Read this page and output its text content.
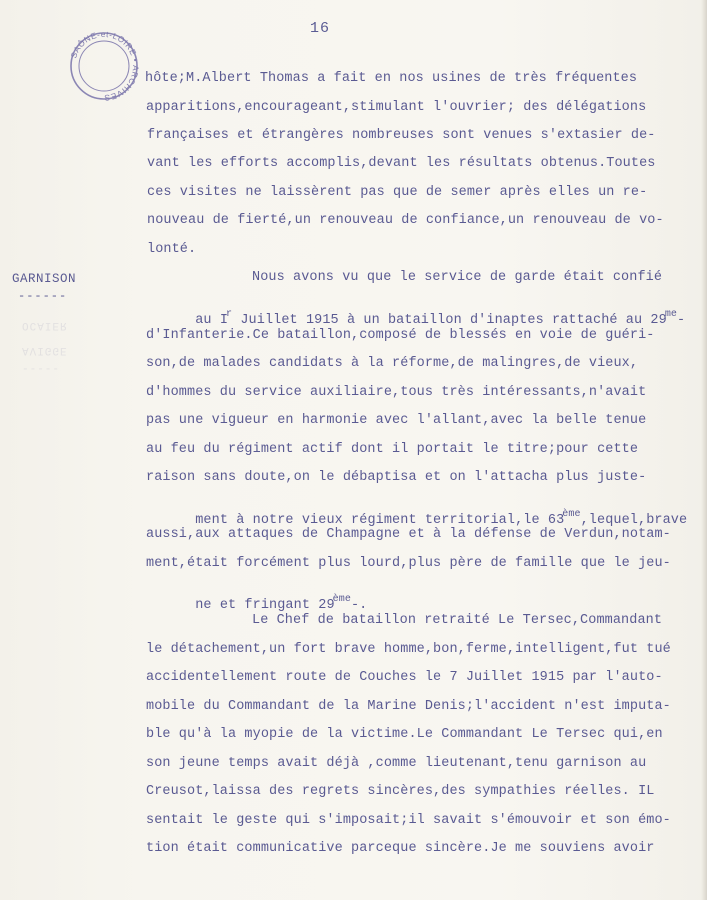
16
SAÔNE-et-LOIRE • ARCHIVES
GARNISON
------
OCAIER
AVIGGE
-----
hôte;M.Albert Thomas a fait en nos usines de très fréquentes
apparitions,encourageant,stimulant l'ouvrier; des délégations
françaises et étrangères nombreuses sont venues s'extasier de-
vant les efforts accomplis,devant les résultats obtenus.Toutes
ces visites ne laissèrent pas que de semer après elles un re-
nouveau de fierté,un renouveau de confiance,un renouveau de vo-
lonté.
Nous avons vu que le service de garde était confié

au $I^r$ Juillet 1915 à un bataillon d'inaptes rattaché au $29^{me}-$

d'Infanterie.Ce bataillon,composé de blessés en voie de guéri-
son,de malades candidats à la réforme,de malingres,de vieux,
d'hommes du service auxiliaire,tous très intéressants,n'avait
pas une vigueur en harmonie avec l'allant,avec la belle tenue
au feu du régiment actif dont il portait le titre;pour cette
raison sans doute,on le débaptisa et on l'attacha plus juste-

ment à notre vieux régiment territorial,le 63ème,lequel,brave

aussi,aux attaques de Champagne et à la défense de Verdun,notam-
ment,était forcément plus lourd,plus père de famille que le jeu-

ne et fringant 29ème-.

Le Chef de bataillon retraité Le Tersec,Commandant
le détachement,un fort brave homme,bon,ferme,intelligent,fut tué
accidentellement route de Couches le 7 Juillet 1915 par l'auto-
mobile du Commandant de la Marine Denis;l'accident n'est imputa-
ble qu'à la myopie de la victime.Le Commandant Le Tersec qui,en
son jeune temps avait déjà ,comme lieutenant,tenu garnison au
Creusot,laissa des regrets sincères,des sympathies réelles. IL
sentait le geste qui s'imposait;il savait s'émouvoir et son émo-
tion était communicative parceque sincère.Je me souviens avoir
